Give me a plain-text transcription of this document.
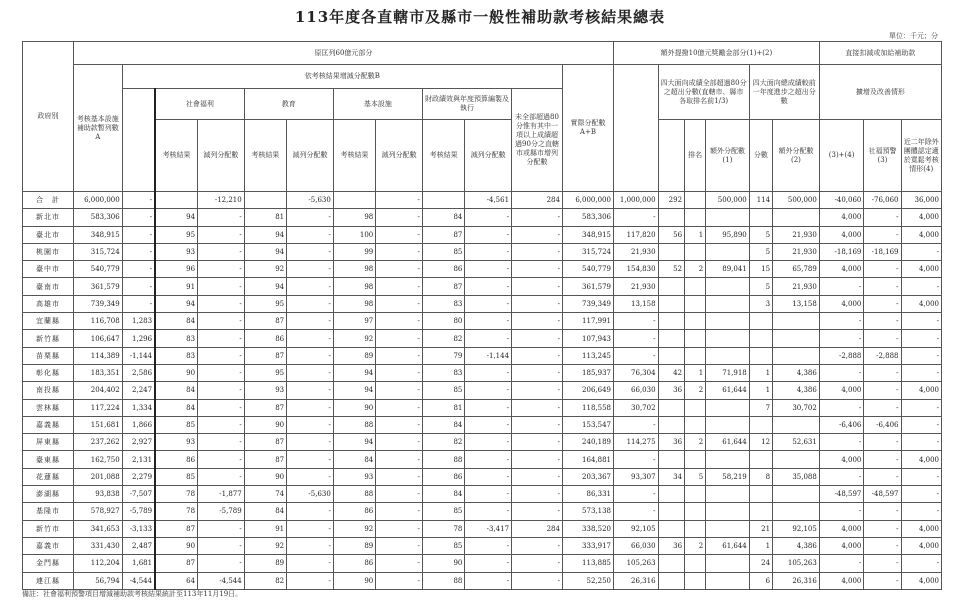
113年度各直轄市及縣市一般性補助款考核結果總表
單位：千元；分
政府別	原匡列60億元部分												額外提撥10億元獎勵金部分(1)+(2)						直接扣減或加給補助款		
	考核基本設施補助款暫列數 A	依考核結果增減分配數B										實際分配數 A+B		四大面向成績全部超過80分之超出分數(直轄市、縣市各取排名前1/3)			四大面向總成績較前一年度進步之超出分數		擴增及改善情形		
			社會福利		教育		基本設施		財政績效與年度預算編製及執行		未全部超過80分惟有其中一項以上成績超過90分之直轄市或縣市增列分配數										
			考核結果	減列分配數	考核結果	減列分配數	考核結果	減列分配數	考核結果	減列分配數					排名	額外分配數(1)	分數	額外分配數(2)	(3)+(4)	社福預警(3)	近二年除外團體認定適於寬鬆考核情形(4)
合　計	6,000,000	-		-12,210		-5,630		-		-4,561	284	6,000,000	1,000,000	292		500,000	114	500,000	-40,060	-76,060	36,000
新北市	583,306	-	94	-	81	-	98	-	84	-	-	583,306	-						4,000	-	4,000
臺北市	348,915	-	95	-	94	-	100	-	87	-	-	348,915	117,820	56	1	95,890	5	21,930	4,000	-	4,000
桃園市	315,724	-	93	-	94	-	99	-	85	-	-	315,724	21,930				5	21,930	-18,169	-18,169	-
臺中市	540,779	-	96	-	92	-	98	-	86	-	-	540,779	154,830	52	2	89,041	15	65,789	4,000	-	4,000
臺南市	361,579	-	91	-	94	-	98	-	87	-	-	361,579	21,930				5	21,930	-	-	-
高雄市	739,349	-	94	-	95	-	98	-	83	-	-	739,349	13,158				3	13,158	4,000	-	4,000
宜蘭縣	116,708	1,283	84	-	87	-	97	-	80	-	-	117,991	-						-	-	-
新竹縣	106,647	1,296	83	-	86	-	92	-	82	-	-	107,943	-						-	-	-
苗栗縣	114,389	-1,144	83	-	87	-	89	-	79	-1,144	-	113,245	-						-2,888	-2,888	-
彰化縣	183,351	2,586	90	-	95	-	94	-	83	-	-	185,937	76,304	42	1	71,918	1	4,386	-	-	-
南投縣	204,402	2,247	84	-	93	-	94	-	85	-	-	206,649	66,030	36	2	61,644	1	4,386	4,000	-	4,000
雲林縣	117,224	1,334	84	-	87	-	90	-	81	-	-	118,558	30,702				7	30,702	-	-	-
嘉義縣	151,681	1,866	85	-	90	-	88	-	84	-	-	153,547	-						-6,406	-6,406	-
屏東縣	237,262	2,927	93	-	87	-	94	-	82	-	-	240,189	114,275	36	2	61,644	12	52,631	-	-	-
臺東縣	162,750	2,131	86	-	87	-	84	-	88	-	-	164,881	-						4,000	-	4,000
花蓮縣	201,088	2,279	85	-	90	-	93	-	86	-	-	203,367	93,307	34	5	58,219	8	35,088	-	-	-
澎湖縣	93,838	-7,507	78	-1,877	74	-5,630	88	-	84	-	-	86,331	-						-48,597	-48,597	-
基隆市	578,927	-5,789	78	-5,789	84	-	86	-	85	-	-	573,138	-						-	-	-
新竹市	341,653	-3,133	87	-	91	-	92	-	78	-3,417	284	338,520	92,105				21	92,105	4,000	-	4,000
嘉義市	331,430	2,487	90	-	92	-	89	-	85	-	-	333,917	66,030	36	2	61,644	1	4,386	4,000	-	4,000
金門縣	112,204	1,681	87	-	89	-	86	-	90	-	-	113,885	105,263				24	105,263	-	-	-
連江縣	56,794	-4,544	64	-4,544	82	-	90	-	88	-	-	52,250	26,316				6	26,316	4,000	-	4,000
備註：社會福利預警項目增減補助款考核結果統計至113年11月19日。
